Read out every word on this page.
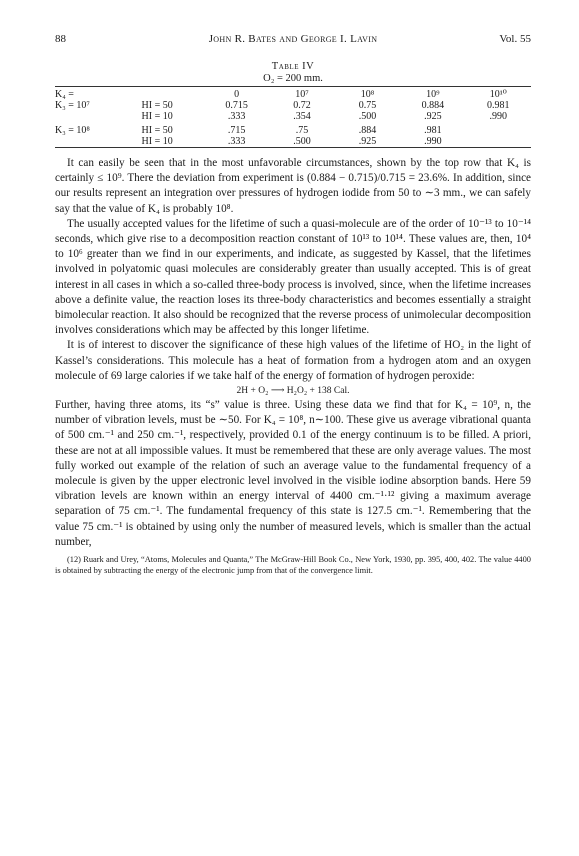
88	John R. Bates and George I. Lavin	Vol. 55
Table IV
O₂ = 200 mm.
K₄ =		0	10⁷	10⁸	10⁹	10¹⁰
K₃ = 10⁷	HI = 50	0.715	0.72	0.75	0.884	0.981
	HI = 10	.333	.354	.500	.925	.990
K₃ = 10⁸	HI = 50	.715	.75	.884	.981	
	HI = 10	.333	.500	.925	.990	

It can easily be seen that in the most unfavorable circumstances, shown by the top row that K₄ is certainly ≤ 10⁹. There the deviation from experiment is (0.884 − 0.715)/0.715 = 23.6%. In addition, since our results represent an integration over pressures of hydrogen iodide from 50 to ∼3 mm., we can safely say that the value of K₄ is probably 10⁸.

The usually accepted values for the lifetime of such a quasi-molecule are of the order of 10⁻¹³ to 10⁻¹⁴ seconds, which give rise to a decomposition reaction constant of 10¹³ to 10¹⁴. These values are, then, 10⁴ to 10⁶ greater than we find in our experiments, and indicate, as suggested by Kassel, that the lifetimes involved in polyatomic quasi molecules are considerably greater than usually accepted. This is of great interest in all cases in which a so-called three-body process is involved, since, when the lifetime increases above a definite value, the reaction loses its three-body characteristics and becomes essentially a straight bimolecular reaction. It also should be recognized that the reverse process of unimolecular decomposition involves considerations which may be affected by this longer lifetime.

It is of interest to discover the significance of these high values of the lifetime of HO₂ in the light of Kassel’s considerations. This molecule has a heat of formation from a hydrogen atom and an oxygen molecule of 69 large calories if we take half of the energy of formation of hydrogen peroxide:

2H + O₂ ⟶ H₂O₂ + 138 Cal.

Further, having three atoms, its “s” value is three. Using these data we find that for K₄ = 10⁹, n, the number of vibration levels, must be ∼50. For K₄ = 10⁸, n∼100. These give us average vibrational quanta of 500 cm.⁻¹ and 250 cm.⁻¹, respectively, provided 0.1 of the energy continuum is to be filled. A priori, these are not at all impossible values. It must be remembered that these are only average values. The most fully worked out example of the relation of such an average value to the fundamental frequency of a molecule is given by the upper electronic level involved in the visible iodine absorption bands. Here 59 vibration levels are known within an energy interval of 4400 cm.⁻¹·¹² giving a maximum average separation of 75 cm.⁻¹. The fundamental frequency of this state is 127.5 cm.⁻¹. Remembering that the value 75 cm.⁻¹ is obtained by using only the number of measured levels, which is smaller than the actual number,

(12) Ruark and Urey, “Atoms, Molecules and Quanta,” The McGraw-Hill Book Co., New York, 1930, pp. 395, 400, 402. The value 4400 is obtained by subtracting the energy of the electronic jump from that of the convergence limit.
